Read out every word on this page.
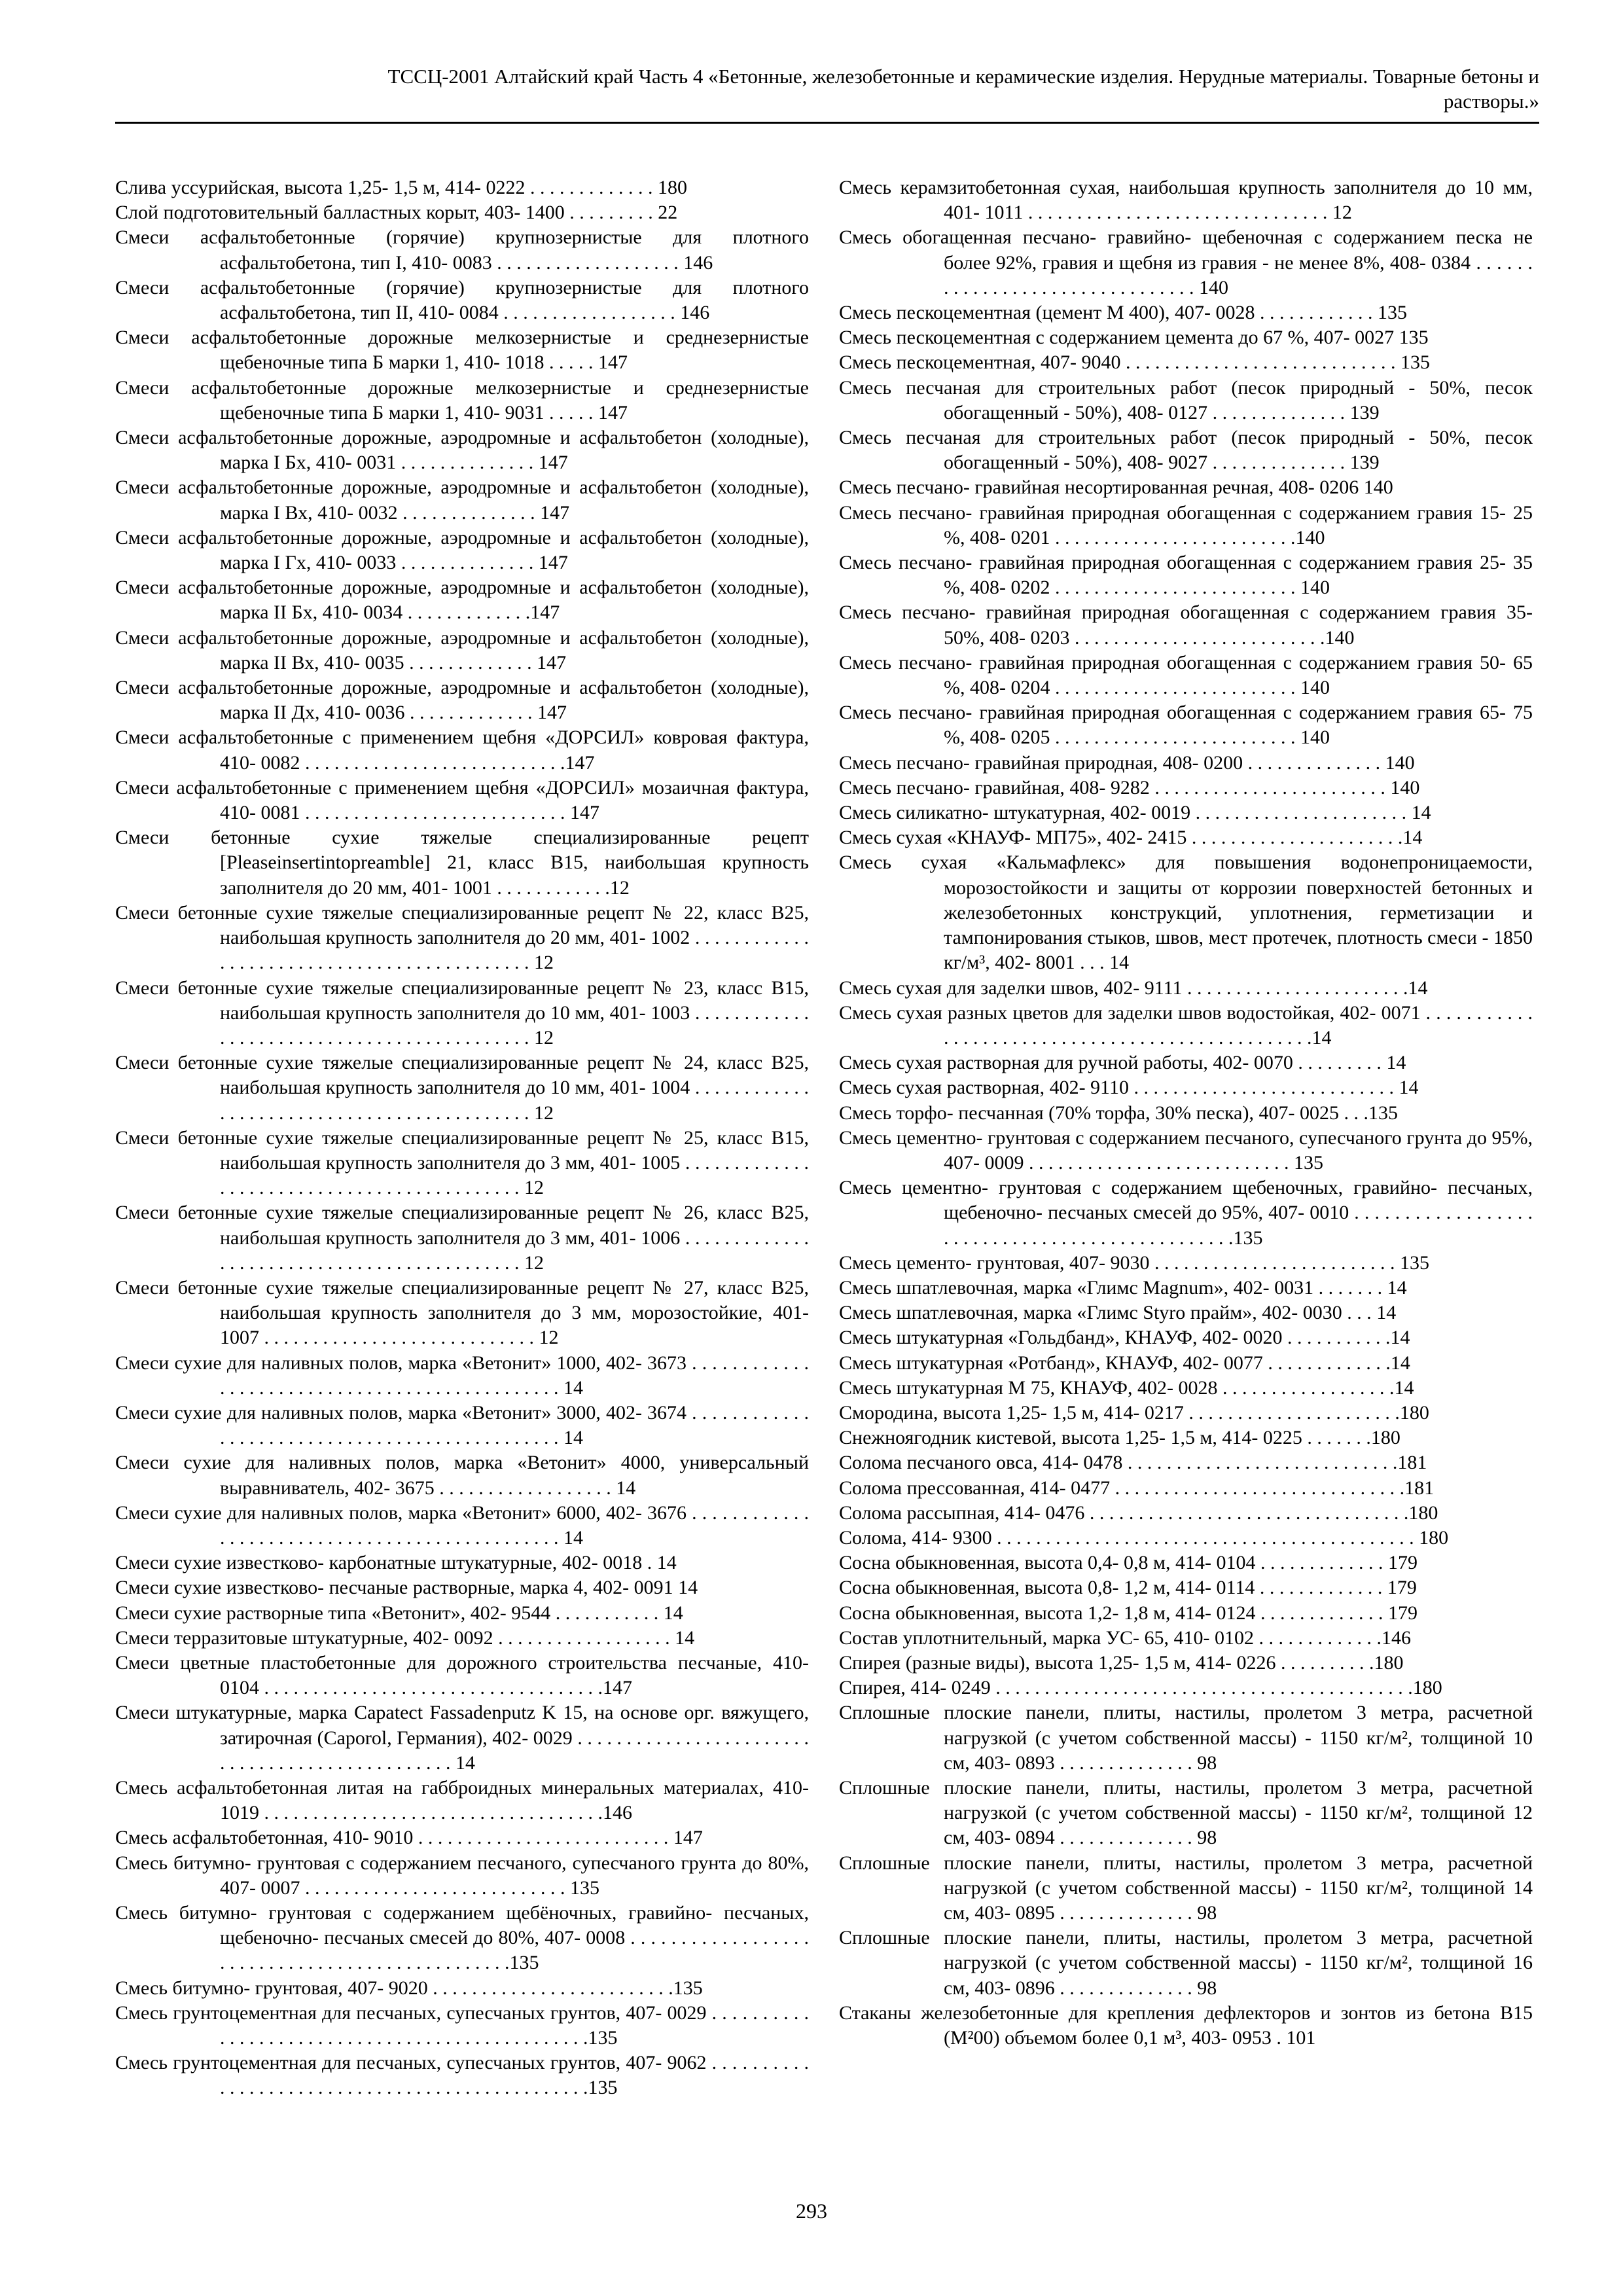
ТССЦ-2001 Алтайский край Часть 4 «Бетонные, железобетонные и керамические изделия. Нерудные материалы. Товарные бетоны и
растворы.»
Слива уссурийская, высота 1,25- 1,5 м, 414- 0222 . . . . . . . . . . . . . 180
Слой подготовительный балластных корыт, 403- 1400 . . . . . . . . . 22
Смеси асфальтобетонные (горячие) крупнозернистые для плотного асфальтобетона, тип I, 410- 0083 . . . . . . . . . . . . . . . . . . . 146
Смеси асфальтобетонные (горячие) крупнозернистые для плотного асфальтобетона, тип II, 410- 0084 . . . . . . . . . . . . . . . . . . 146
Смеси асфальтобетонные дорожные мелкозернистые и среднезернистые щебеночные типа Б марки 1, 410- 1018 . . . . . 147
Смеси асфальтобетонные дорожные мелкозернистые и среднезернистые щебеночные типа Б марки 1, 410- 9031 . . . . . 147
Смеси асфальтобетонные дорожные, аэродромные и асфальтобетон (холодные), марка I Бх, 410- 0031 . . . . . . . . . . . . . . 147
Смеси асфальтобетонные дорожные, аэродромные и асфальтобетон (холодные), марка I Вх, 410- 0032 . . . . . . . . . . . . . . 147
Смеси асфальтобетонные дорожные, аэродромные и асфальтобетон (холодные), марка I Гх, 410- 0033 . . . . . . . . . . . . . . 147
Смеси асфальтобетонные дорожные, аэродромные и асфальтобетон (холодные), марка II Бх, 410- 0034 . . . . . . . . . . . . .147
Смеси асфальтобетонные дорожные, аэродромные и асфальтобетон (холодные), марка II Вх, 410- 0035 . . . . . . . . . . . . . 147
Смеси асфальтобетонные дорожные, аэродромные и асфальтобетон (холодные), марка II Дх, 410- 0036 . . . . . . . . . . . . . 147
Смеси асфальтобетонные с применением щебня «ДОРСИЛ» ковровая фактура, 410- 0082 . . . . . . . . . . . . . . . . . . . . . . . . . . .147
Смеси асфальтобетонные с применением щебня «ДОРСИЛ» мозаичная фактура, 410- 0081 . . . . . . . . . . . . . . . . . . . . . . . . . . . 147
Смеси бетонные сухие тяжелые специализированные рецепт [Pleaseinsertintopreamble] 21, класс В15, наибольшая крупность заполнителя до 20 мм, 401- 1001 . . . . . . . . . . . .12
Смеси бетонные сухие тяжелые специализированные рецепт № 22, класс В25, наибольшая крупность заполнителя до 20 мм, 401- 1002 . . . . . . . . . . . . . . . . . . . . . . . . . . . . . . . . . . . . . . . . . . . . 12
Смеси бетонные сухие тяжелые специализированные рецепт № 23, класс В15, наибольшая крупность заполнителя до 10 мм, 401- 1003 . . . . . . . . . . . . . . . . . . . . . . . . . . . . . . . . . . . . . . . . . . . . 12
Смеси бетонные сухие тяжелые специализированные рецепт № 24, класс В25, наибольшая крупность заполнителя до 10 мм, 401- 1004 . . . . . . . . . . . . . . . . . . . . . . . . . . . . . . . . . . . . . . . . . . . . 12
Смеси бетонные сухие тяжелые специализированные рецепт № 25, класс В15, наибольшая крупность заполнителя до 3 мм, 401- 1005 . . . . . . . . . . . . . . . . . . . . . . . . . . . . . . . . . . . . . . . . . . . . 12
Смеси бетонные сухие тяжелые специализированные рецепт № 26, класс В25, наибольшая крупность заполнителя до 3 мм, 401- 1006 . . . . . . . . . . . . . . . . . . . . . . . . . . . . . . . . . . . . . . . . . . . . 12
Смеси бетонные сухие тяжелые специализированные рецепт № 27, класс В25, наибольшая крупность заполнителя до 3 мм, морозостойкие, 401- 1007 . . . . . . . . . . . . . . . . . . . . . . . . . . . . 12
Смеси сухие для наливных полов, марка «Ветонит» 1000, 402- 3673 . . . . . . . . . . . . . . . . . . . . . . . . . . . . . . . . . . . . . . . . . . . . . . . 14
Смеси сухие для наливных полов, марка «Ветонит» 3000, 402- 3674 . . . . . . . . . . . . . . . . . . . . . . . . . . . . . . . . . . . . . . . . . . . . . . . 14
Смеси сухие для наливных полов, марка «Ветонит» 4000, универсальный выравниватель, 402- 3675 . . . . . . . . . . . . . . . . . . 14
Смеси сухие для наливных полов, марка «Ветонит» 6000, 402- 3676 . . . . . . . . . . . . . . . . . . . . . . . . . . . . . . . . . . . . . . . . . . . . . . . 14
Смеси сухие известково- карбонатные штукатурные, 402- 0018 . 14
Смеси сухие известково- песчаные растворные, марка 4, 402- 0091 14
Смеси сухие растворные типа «Ветонит», 402- 9544 . . . . . . . . . . . 14
Смеси терразитовые штукатурные, 402- 0092 . . . . . . . . . . . . . . . . . . 14
Смеси цветные пластобетонные для дорожного строительства песчаные, 410- 0104 . . . . . . . . . . . . . . . . . . . . . . . . . . . . . . . . . . .147
Смеси штукатурные, марка Capatect Fassadenputz K 15, на основе орг. вяжущего, затирочная (Caporol, Германия), 402- 0029 . . . . . . . . . . . . . . . . . . . . . . . . . . . . . . . . . . . . . . . . . . . . . . . . 14
Смесь асфальтобетонная литая на габброидных минеральных материалах, 410- 1019 . . . . . . . . . . . . . . . . . . . . . . . . . . . . . . . . . . .146
Смесь асфальтобетонная, 410- 9010 . . . . . . . . . . . . . . . . . . . . . . . . . . 147
Смесь битумно- грунтовая с содержанием песчаного, супесчаного грунта до 80%, 407- 0007 . . . . . . . . . . . . . . . . . . . . . . . . . . . 135
Смесь битумно- грунтовая с содержанием щебёночных, гравийно- песчаных, щебеночно- песчаных смесей до 80%, 407- 0008 . . . . . . . . . . . . . . . . . . . . . . . . . . . . . . . . . . . . . . . . . . . . . . . .135
Смесь битумно- грунтовая, 407- 9020 . . . . . . . . . . . . . . . . . . . . . . . . .135
Смесь грунтоцементная для песчаных, супесчаных грунтов, 407- 0029 . . . . . . . . . . . . . . . . . . . . . . . . . . . . . . . . . . . . . . . . . . . . . . . .135
Смесь грунтоцементная для песчаных, супесчаных грунтов, 407- 9062 . . . . . . . . . . . . . . . . . . . . . . . . . . . . . . . . . . . . . . . . . . . . . . . .135
Смесь керамзитобетонная сухая, наибольшая крупность заполнителя до 10 мм, 401- 1011 . . . . . . . . . . . . . . . . . . . . . . . . . . . . . . . 12
Смесь обогащенная песчано- гравийно- щебеночная с содержанием песка не более 92%, гравия и щебня из гравия - не менее 8%, 408- 0384 . . . . . . . . . . . . . . . . . . . . . . . . . . . . . . . . 140
Смесь пескоцементная (цемент М 400), 407- 0028 . . . . . . . . . . . . 135
Смесь пескоцементная с содержанием цемента до 67 %, 407- 0027 135
Смесь пескоцементная, 407- 9040 . . . . . . . . . . . . . . . . . . . . . . . . . . . . 135
Смесь песчаная для строительных работ (песок природный - 50%, песок обогащенный - 50%), 408- 0127 . . . . . . . . . . . . . . 139
Смесь песчаная для строительных работ (песок природный - 50%, песок обогащенный - 50%), 408- 9027 . . . . . . . . . . . . . . 139
Смесь песчано- гравийная несортированная речная, 408- 0206 140
Смесь песчано- гравийная природная обогащенная с содержанием гравия 15- 25 %, 408- 0201 . . . . . . . . . . . . . . . . . . . . . . . . .140
Смесь песчано- гравийная природная обогащенная с содержанием гравия 25- 35 %, 408- 0202 . . . . . . . . . . . . . . . . . . . . . . . . . 140
Смесь песчано- гравийная природная обогащенная с содержанием гравия 35- 50%, 408- 0203 . . . . . . . . . . . . . . . . . . . . . . . . . .140
Смесь песчано- гравийная природная обогащенная с содержанием гравия 50- 65 %, 408- 0204 . . . . . . . . . . . . . . . . . . . . . . . . . 140
Смесь песчано- гравийная природная обогащенная с содержанием гравия 65- 75 %, 408- 0205 . . . . . . . . . . . . . . . . . . . . . . . . . 140
Смесь песчано- гравийная природная, 408- 0200 . . . . . . . . . . . . . . 140
Смесь песчано- гравийная, 408- 9282 . . . . . . . . . . . . . . . . . . . . . . . . 140
Смесь силикатно- штукатурная, 402- 0019 . . . . . . . . . . . . . . . . . . . . . . 14
Смесь сухая «КНАУФ- МП75», 402- 2415 . . . . . . . . . . . . . . . . . . . . . .14
Смесь сухая «Кальмафлекс» для повышения водонепроницаемости, морозостойкости и защиты от коррозии поверхностей бетонных и железобетонных конструкций, уплотнения, герметизации и тампонирования стыков, швов, мест протечек, плотность смеси - 1850 кг/м³, 402- 8001 . . . 14
Смесь сухая для заделки швов, 402- 9111 . . . . . . . . . . . . . . . . . . . . . . .14
Смесь сухая разных цветов для заделки швов водостойкая, 402- 0071 . . . . . . . . . . . . . . . . . . . . . . . . . . . . . . . . . . . . . . . . . . . . . . . . .14
Смесь сухая растворная для ручной работы, 402- 0070 . . . . . . . . . 14
Смесь сухая растворная, 402- 9110 . . . . . . . . . . . . . . . . . . . . . . . . . . . 14
Смесь торфо- песчанная (70% торфа, 30% песка), 407- 0025 . . .135
Смесь цементно- грунтовая с содержанием песчаного, супесчаного грунта до 95%, 407- 0009 . . . . . . . . . . . . . . . . . . . . . . . . . . . 135
Смесь цементно- грунтовая с содержанием щебеночных, гравийно- песчаных, щебеночно- песчаных смесей до 95%, 407- 0010 . . . . . . . . . . . . . . . . . . . . . . . . . . . . . . . . . . . . . . . . . . . . . . . .135
Смесь цементо- грунтовая, 407- 9030 . . . . . . . . . . . . . . . . . . . . . . . . . 135
Смесь шпатлевочная, марка «Глимс Magnum», 402- 0031 . . . . . . . 14
Смесь шпатлевочная, марка «Глимс Styro прайм», 402- 0030 . . . 14
Смесь штукатурная «Гольдбанд», КНАУФ, 402- 0020 . . . . . . . . . . .14
Смесь штукатурная «Ротбанд», КНАУФ, 402- 0077 . . . . . . . . . . . . .14
Смесь штукатурная М 75, КНАУФ, 402- 0028 . . . . . . . . . . . . . . . . . .14
Смородина, высота 1,25- 1,5 м, 414- 0217 . . . . . . . . . . . . . . . . . . . . . .180
Снежноягодник кистевой, высота 1,25- 1,5 м, 414- 0225 . . . . . . .180
Солома песчаного овса, 414- 0478 . . . . . . . . . . . . . . . . . . . . . . . . . . . .181
Солома прессованная, 414- 0477 . . . . . . . . . . . . . . . . . . . . . . . . . . . . . .181
Солома рассыпная, 414- 0476 . . . . . . . . . . . . . . . . . . . . . . . . . . . . . . . . .180
Солома, 414- 9300 . . . . . . . . . . . . . . . . . . . . . . . . . . . . . . . . . . . . . . . . . . . 180
Сосна обыкновенная, высота 0,4- 0,8 м, 414- 0104 . . . . . . . . . . . . . 179
Сосна обыкновенная, высота 0,8- 1,2 м, 414- 0114 . . . . . . . . . . . . . 179
Сосна обыкновенная, высота 1,2- 1,8 м, 414- 0124 . . . . . . . . . . . . . 179
Состав уплотнительный, марка УС- 65, 410- 0102 . . . . . . . . . . . . .146
Спирея (разные виды), высота 1,25- 1,5 м, 414- 0226 . . . . . . . . . .180
Спирея, 414- 0249 . . . . . . . . . . . . . . . . . . . . . . . . . . . . . . . . . . . . . . . . . . .180
Сплошные плоские панели, плиты, настилы, пролетом 3 метра, расчетной нагрузкой (с учетом собственной массы) - 1150 кг/м², толщиной 10 см, 403- 0893 . . . . . . . . . . . . . . 98
Сплошные плоские панели, плиты, настилы, пролетом 3 метра, расчетной нагрузкой (с учетом собственной массы) - 1150 кг/м², толщиной 12 см, 403- 0894 . . . . . . . . . . . . . . 98
Сплошные плоские панели, плиты, настилы, пролетом 3 метра, расчетной нагрузкой (с учетом собственной массы) - 1150 кг/м², толщиной 14 см, 403- 0895 . . . . . . . . . . . . . . 98
Сплошные плоские панели, плиты, настилы, пролетом 3 метра, расчетной нагрузкой (с учетом собственной массы) - 1150 кг/м², толщиной 16 см, 403- 0896 . . . . . . . . . . . . . . 98
Стаканы железобетонные для крепления дефлекторов и зонтов из бетона В15 (М²00) объемом более 0,1 м³, 403- 0953 . 101
293
